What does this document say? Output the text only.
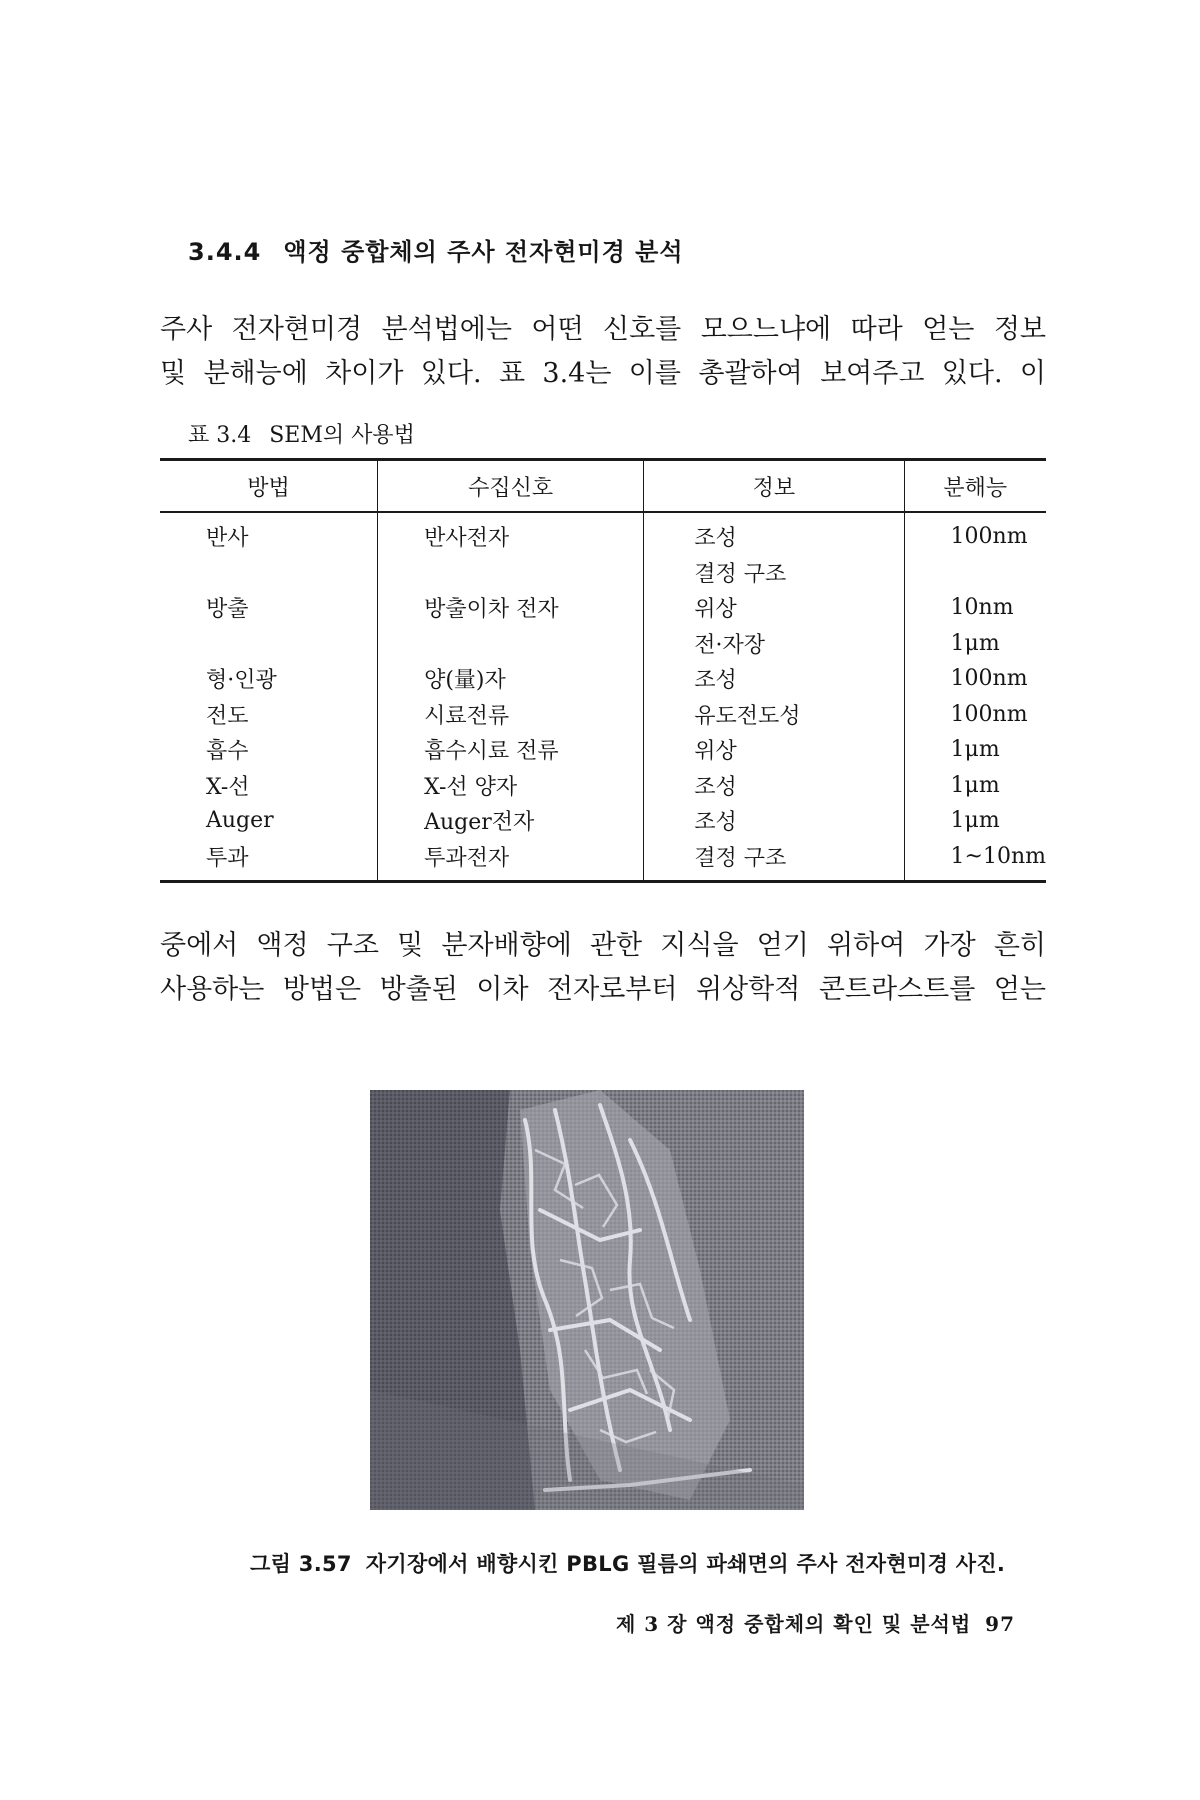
3.4.4 액정 중합체의 주사 전자현미경 분석
주사 전자현미경 분석법에는 어떤 신호를 모으느냐에 따라 얻는 정보
및 분해능에 차이가 있다. 표 3.4는 이를 총괄하여 보여주고 있다. 이
표 3.4 SEM의 사용법
방법	수집신호	정보	분해능
반사	반사전자	조성	100nm
		결정 구조	
방출	방출이차 전자	위상	10nm
		전·자장	1μm
형·인광	양(量)자	조성	100nm
전도	시료전류	유도전도성	100nm
흡수	흡수시료 전류	위상	1μm
X-선	X-선 양자	조성	1μm
Auger	Auger전자	조성	1μm
투과	투과전자	결정 구조	1~10nm
중에서 액정 구조 및 분자배향에 관한 지식을 얻기 위하여 가장 흔히
사용하는 방법은 방출된 이차 전자로부터 위상학적 콘트라스트를 얻는
그림 3.57 자기장에서 배향시킨 PBLG 필름의 파쇄면의 주사 전자현미경 사진.
제 3 장 액정 중합체의 확인 및 분석법 97
